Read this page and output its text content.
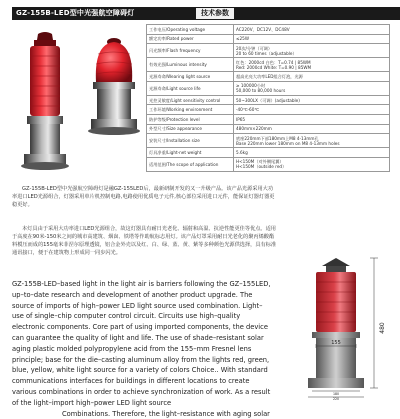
GZ-155B-LED型中光强航空障碍灯	技术参数
工作电压/Operating voltage	AC220V、DC12V、DC48V
额定功率/Rated power	≤25W
闪光频率/Flash frequency	20次/分钟（可调）
20 to 60 times（adjustable）
有效光强/Luminous intensity	红色：2000cd 白色：T=0.74 | 85WM
Red: 2000cd White: T=0.90 | 85WM
光源寿命/Wearing light source	超高光亮大功率LED组合灯泡，光源
光源寿命/Light source life	≥ 100000小时
50,000 to 80,000 hours
光控灵敏度/Light sensitivity control	50~300LX（可调）(adjustable)
工作环境/Working environment	-40℃-60℃
防护等级/Protection level	IP65
外型尺寸/Size appearance	480mm×220mm
安装尺寸/Installation size	底座220mm下部180mm上M8 4-13mm孔
Base 220mm lower 180mm on M8 4-13mm holes
灯具净重/Light-net weight	5.6kg
适用范围/The scope of application	H<150M（对外侧尾翼）
H<150M（outside red）

GZ-155B-LED型中光强航空障碍灯是融GZ-155LED后，最新研制开发的又一升级产品。该产品光源采用大功率进口LED光源组合，灯器采用单片机控制电路,电路使用优质电子元件,核心部位采用进口元件，能保证灯器灯器更稳更好。

本灯具由于采用大功率进口LED光源组合，故这灯器具有耐日光老化、辐射和高温、抗逆性能更佳等优点。适用于高度在90米-150米之间的城市高建筑、烟囱、铁塔等作助航标志用灯。该产品灯罩采用耐日光老化的聚丙烯酸酯料模压而成的155毫米菲涅尔原理透镜，铝合金外壳以及红、白、绿、蓝、黄、紫等多种颜色光源供选择，具有标准通讯接口，便于在建筑物上形成同一同步闪光。

GZ-155B-LED–based light in the light air is barriers following the GZ–155LED, up–to–date research and development of another product upgrade. The source of imports of high–power LED light source used combination. Light–use of single–chip computer control circuit. Circuits use high–quality electronic components. Core part of using imported components, the device can guarantee the quality of light and life. The use of shade–resistant solar aging plastic molded polypropylene acid from the 155–mm Fresnel lens principle; base for the die–casting aluminum alloy from the lights red, green, blue, yellow, white light source for a variety of colors Choice.. With standard communications interfaces for buildings in different locations to create various combinations in order to achieve synchronization of work. As a result of the light–import high–power LED light source

Combinations. Therefore, the light–resistance with aging solar

480
155
180
220
